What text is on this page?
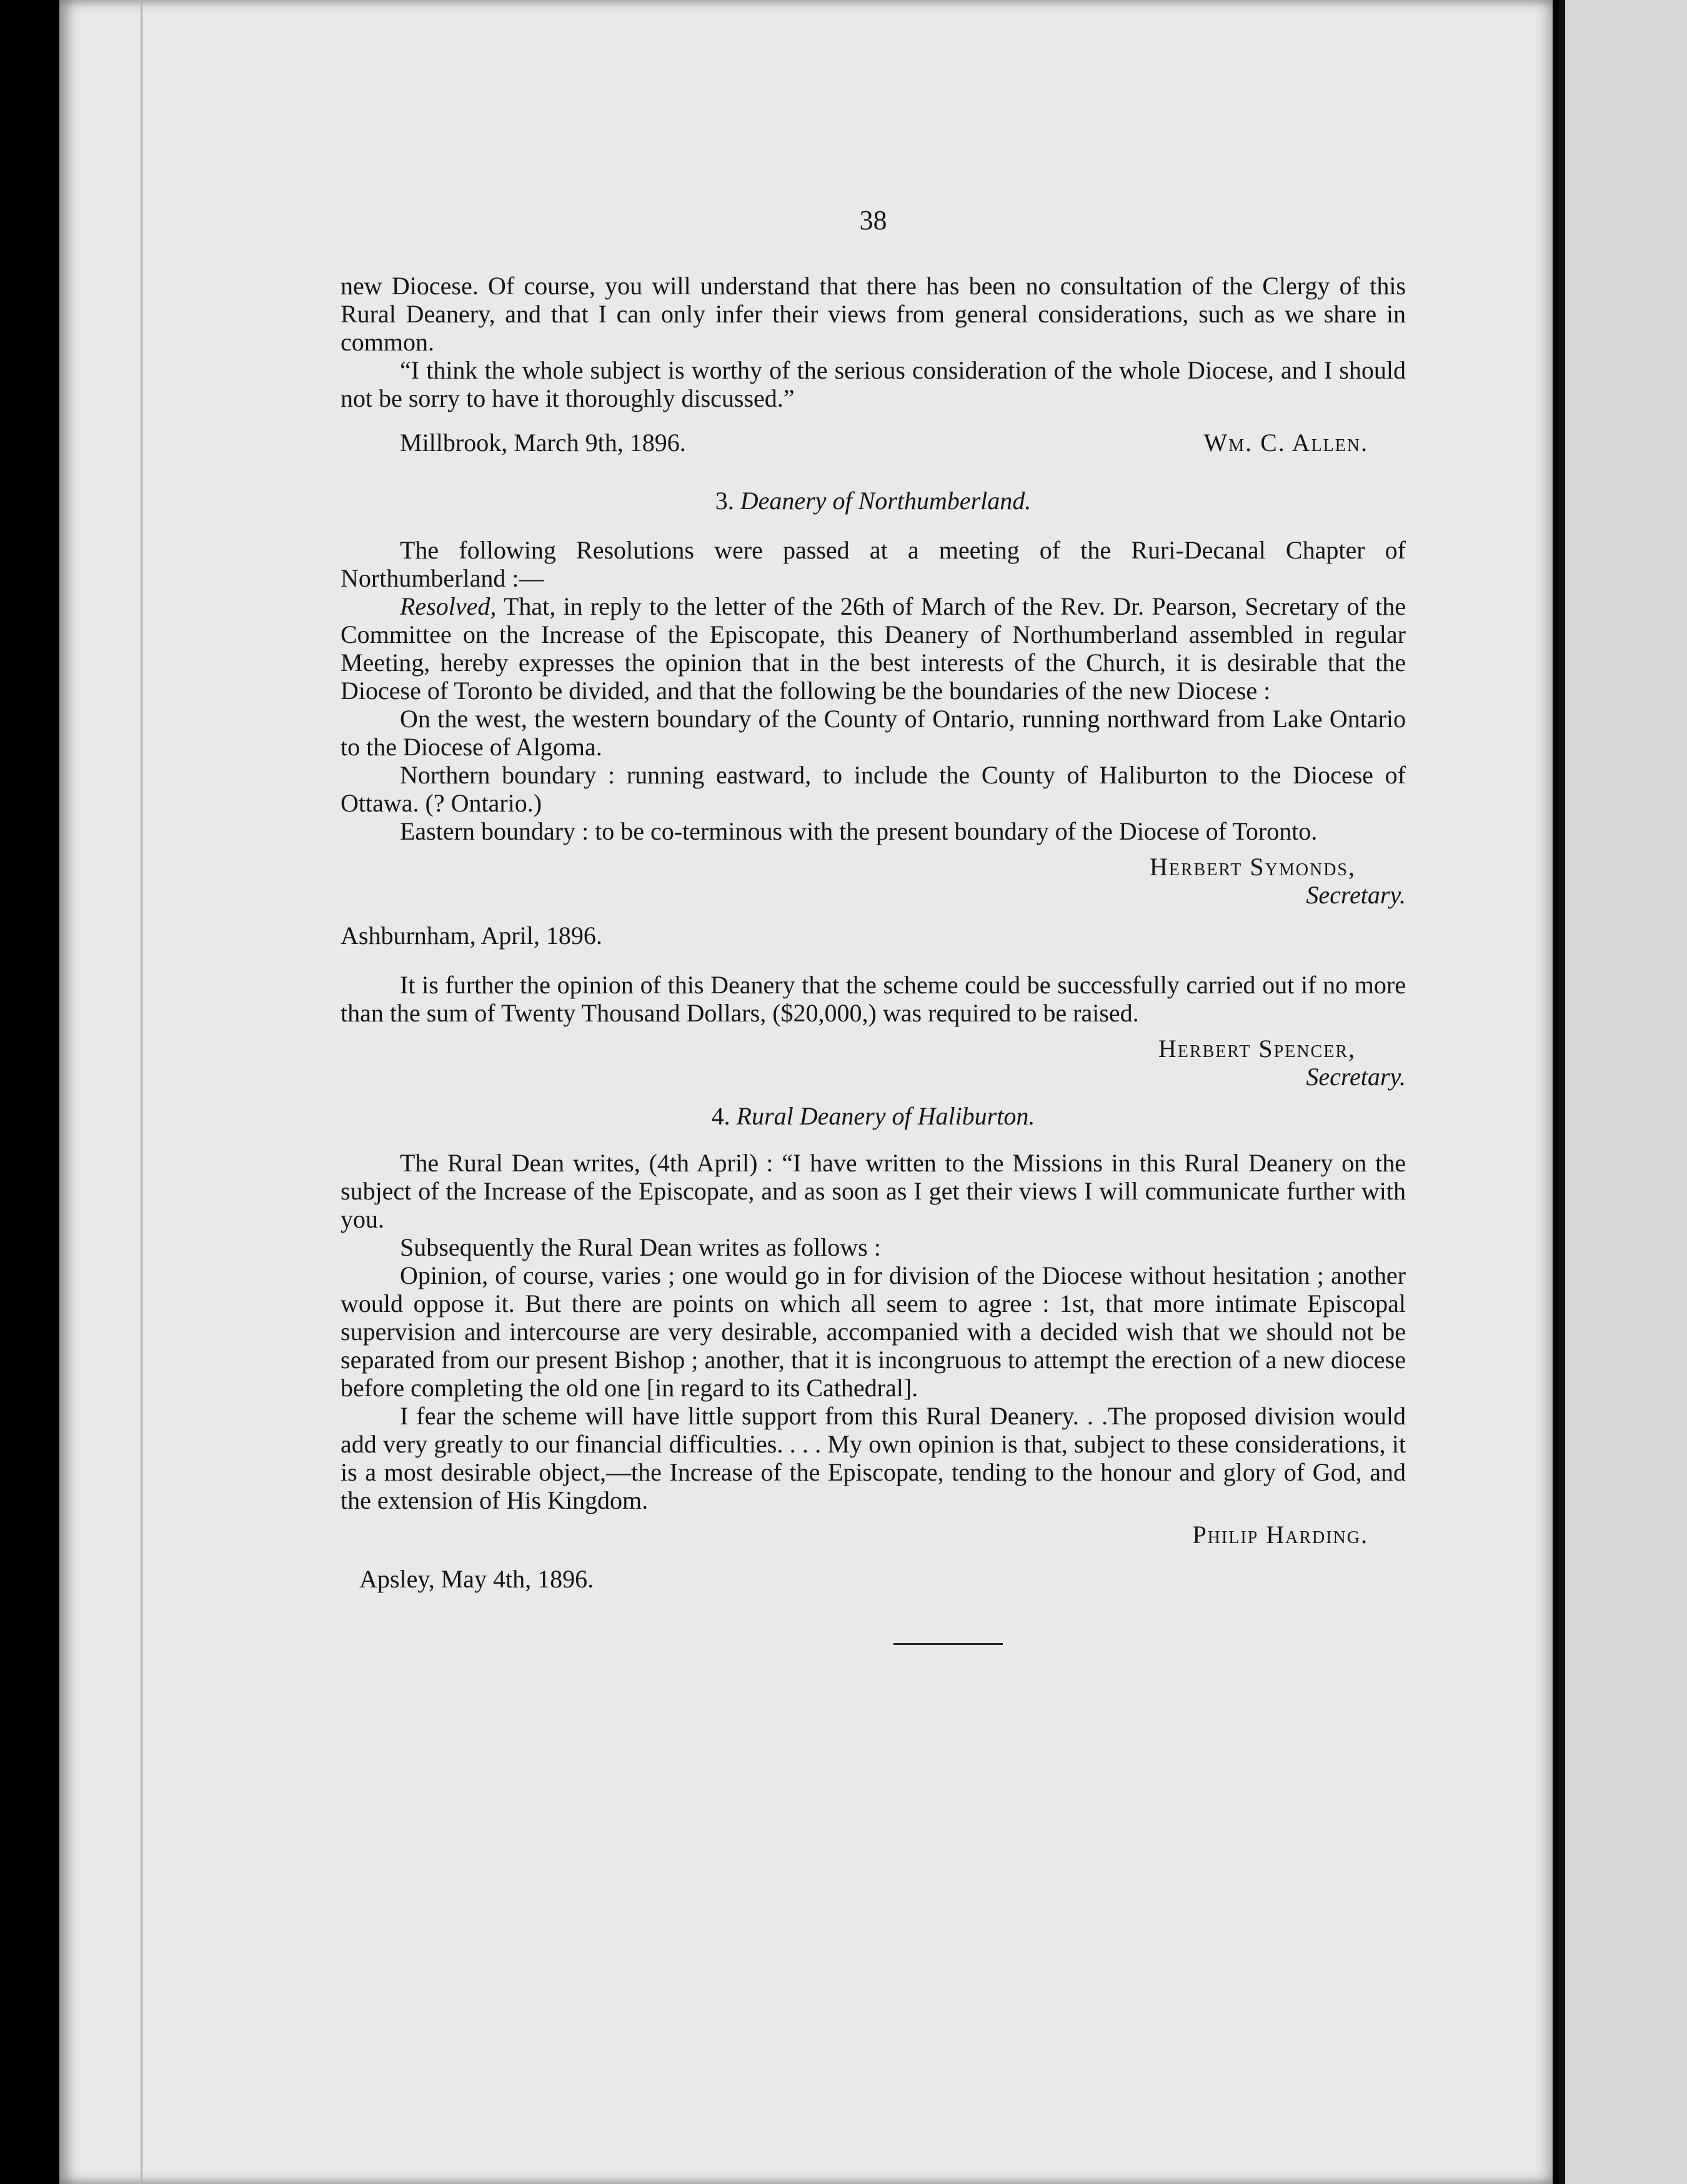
38

new Diocese. Of course, you will understand that there has been no consultation of the Clergy of this Rural Deanery, and that I can only infer their views from general considerations, such as we share in common.

“I think the whole subject is worthy of the serious consideration of the whole Diocese, and I should not be sorry to have it thoroughly discussed.”

Millbrook, March 9th, 1896.	Wm. C. Allen.
3. Deanery of Northumberland.

The following Resolutions were passed at a meeting of the Ruri-Decanal Chapter of Northumberland :—

Resolved, That, in reply to the letter of the 26th of March of the Rev. Dr. Pearson, Secretary of the Committee on the Increase of the Episcopate, this Deanery of Northumberland assembled in regular Meeting, hereby expresses the opinion that in the best interests of the Church, it is desirable that the Diocese of Toronto be divided, and that the following be the boundaries of the new Diocese :

On the west, the western boundary of the County of Ontario, running northward from Lake Ontario to the Diocese of Algoma.

Northern boundary : running eastward, to include the County of Haliburton to the Diocese of Ottawa. (? Ontario.)

Eastern boundary : to be co-terminous with the present boundary of the Diocese of Toronto.

Herbert Symonds,
Secretary.

Ashburnham, April, 1896.

It is further the opinion of this Deanery that the scheme could be successfully carried out if no more than the sum of Twenty Thousand Dollars, ($20,000,) was required to be raised.

Herbert Spencer,
Secretary.
4. Rural Deanery of Haliburton.

The Rural Dean writes, (4th April) : “I have written to the Missions in this Rural Deanery on the subject of the Increase of the Episcopate, and as soon as I get their views I will communicate further with you.

Subsequently the Rural Dean writes as follows :

Opinion, of course, varies ; one would go in for division of the Diocese without hesitation ; another would oppose it. But there are points on which all seem to agree : 1st, that more intimate Episcopal supervision and intercourse are very desirable, accompanied with a decided wish that we should not be separated from our present Bishop ; another, that it is incongruous to attempt the erection of a new diocese before completing the old one [in regard to its Cathedral].

I fear the scheme will have little support from this Rural Deanery. . .The proposed division would add very greatly to our financial difficulties. . . . My own opinion is that, subject to these considerations, it is a most desirable object,—the Increase of the Episcopate, tending to the honour and glory of God, and the extension of His Kingdom.

Philip Harding.

Apsley, May 4th, 1896.
